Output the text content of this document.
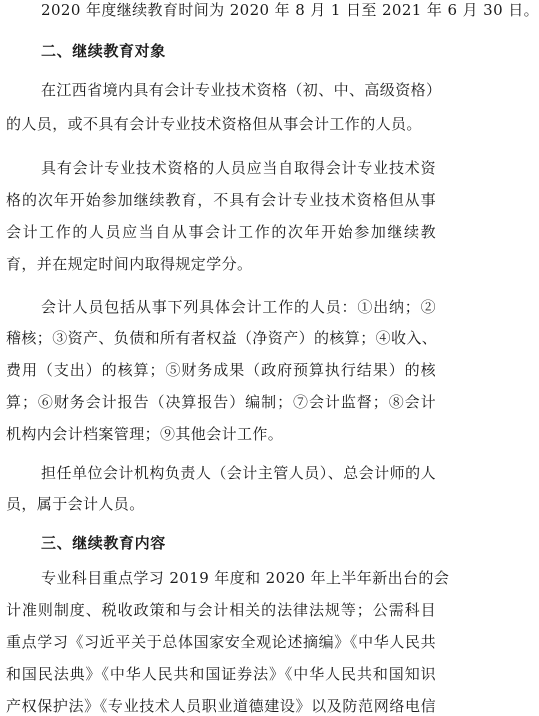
2020 年度继续教育时间为 2020 年 8 月 1 日至 2021 年 6 月 30 日。
二、继续教育对象
在江西省境内具有会计专业技术资格（初、中、高级资格）
的人员，或不具有会计专业技术资格但从事会计工作的人员。
具有会计专业技术资格的人员应当自取得会计专业技术资
格的次年开始参加继续教育，不具有会计专业技术资格但从事
会计工作的人员应当自从事会计工作的次年开始参加继续教
育，并在规定时间内取得规定学分。
会计人员包括从事下列具体会计工作的人员：①出纳；②
稽核；③资产、负债和所有者权益（净资产）的核算；④收入、
费用（支出）的核算；⑤财务成果（政府预算执行结果）的核
算；⑥财务会计报告（决算报告）编制；⑦会计监督；⑧会计
机构内会计档案管理；⑨其他会计工作。
担任单位会计机构负责人（会计主管人员）、总会计师的人
员，属于会计人员。
三、继续教育内容
专业科目重点学习 2019 年度和 2020 年上半年新出台的会
计准则制度、税收政策和与会计相关的法律法规等；公需科目
重点学习《习近平关于总体国家安全观论述摘编》《中华人民共
和国民法典》《中华人民共和国证券法》《中华人民共和国知识
产权保护法》《专业技术人员职业道德建设》以及防范网络电信
